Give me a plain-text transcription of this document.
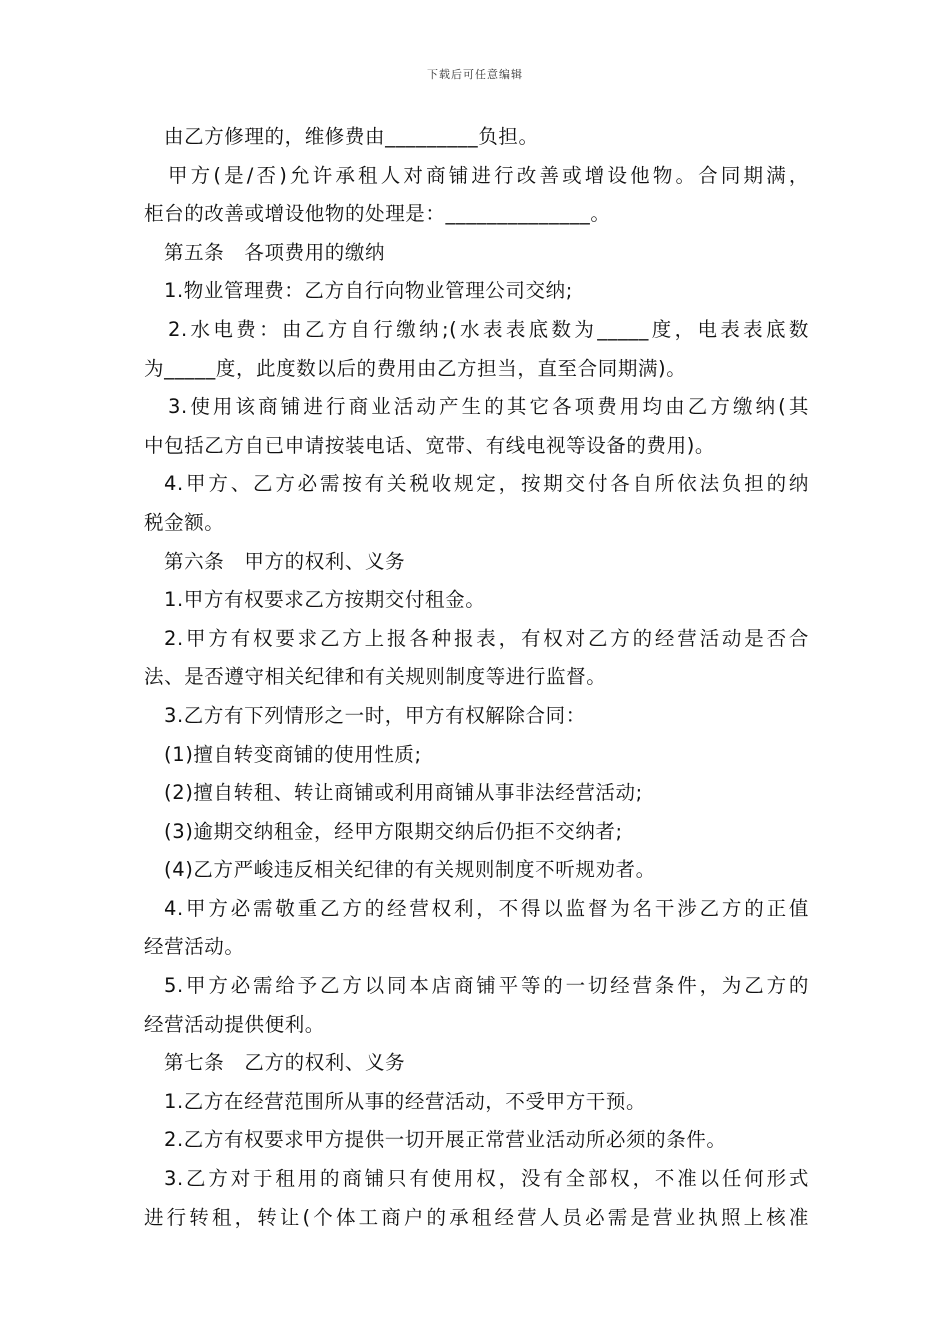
下载后可任意编辑
由乙方修理的，维修费由_________负担。
甲方(是/否)允许承租人对商铺进行改善或增设他物。合同期满，
柜台的改善或增设他物的处理是：______________。
第五条　各项费用的缴纳
1.物业管理费：乙方自行向物业管理公司交纳;
2.水电费：由乙方自行缴纳;(水表表底数为_____度，电表表底数
为_____度，此度数以后的费用由乙方担当，直至合同期满)。
3.使用该商铺进行商业活动产生的其它各项费用均由乙方缴纳(其
中包括乙方自已申请按装电话、宽带、有线电视等设备的费用)。
4.甲方、乙方必需按有关税收规定，按期交付各自所依法负担的纳
税金额。
第六条　甲方的权利、义务
1.甲方有权要求乙方按期交付租金。
2.甲方有权要求乙方上报各种报表，有权对乙方的经营活动是否合
法、是否遵守相关纪律和有关规则制度等进行监督。
3.乙方有下列情形之一时，甲方有权解除合同：
(1)擅自转变商铺的使用性质;
(2)擅自转租、转让商铺或利用商铺从事非法经营活动;
(3)逾期交纳租金，经甲方限期交纳后仍拒不交纳者;
(4)乙方严峻违反相关纪律的有关规则制度不听规劝者。
4.甲方必需敬重乙方的经营权利，不得以监督为名干涉乙方的正值
经营活动。
5.甲方必需给予乙方以同本店商铺平等的一切经营条件，为乙方的
经营活动提供便利。
第七条　乙方的权利、义务
1.乙方在经营范围所从事的经营活动，不受甲方干预。
2.乙方有权要求甲方提供一切开展正常营业活动所必须的条件。
3.乙方对于租用的商铺只有使用权，没有全部权，不准以任何形式
进行转租，转让(个体工商户的承租经营人员必需是营业执照上核准
